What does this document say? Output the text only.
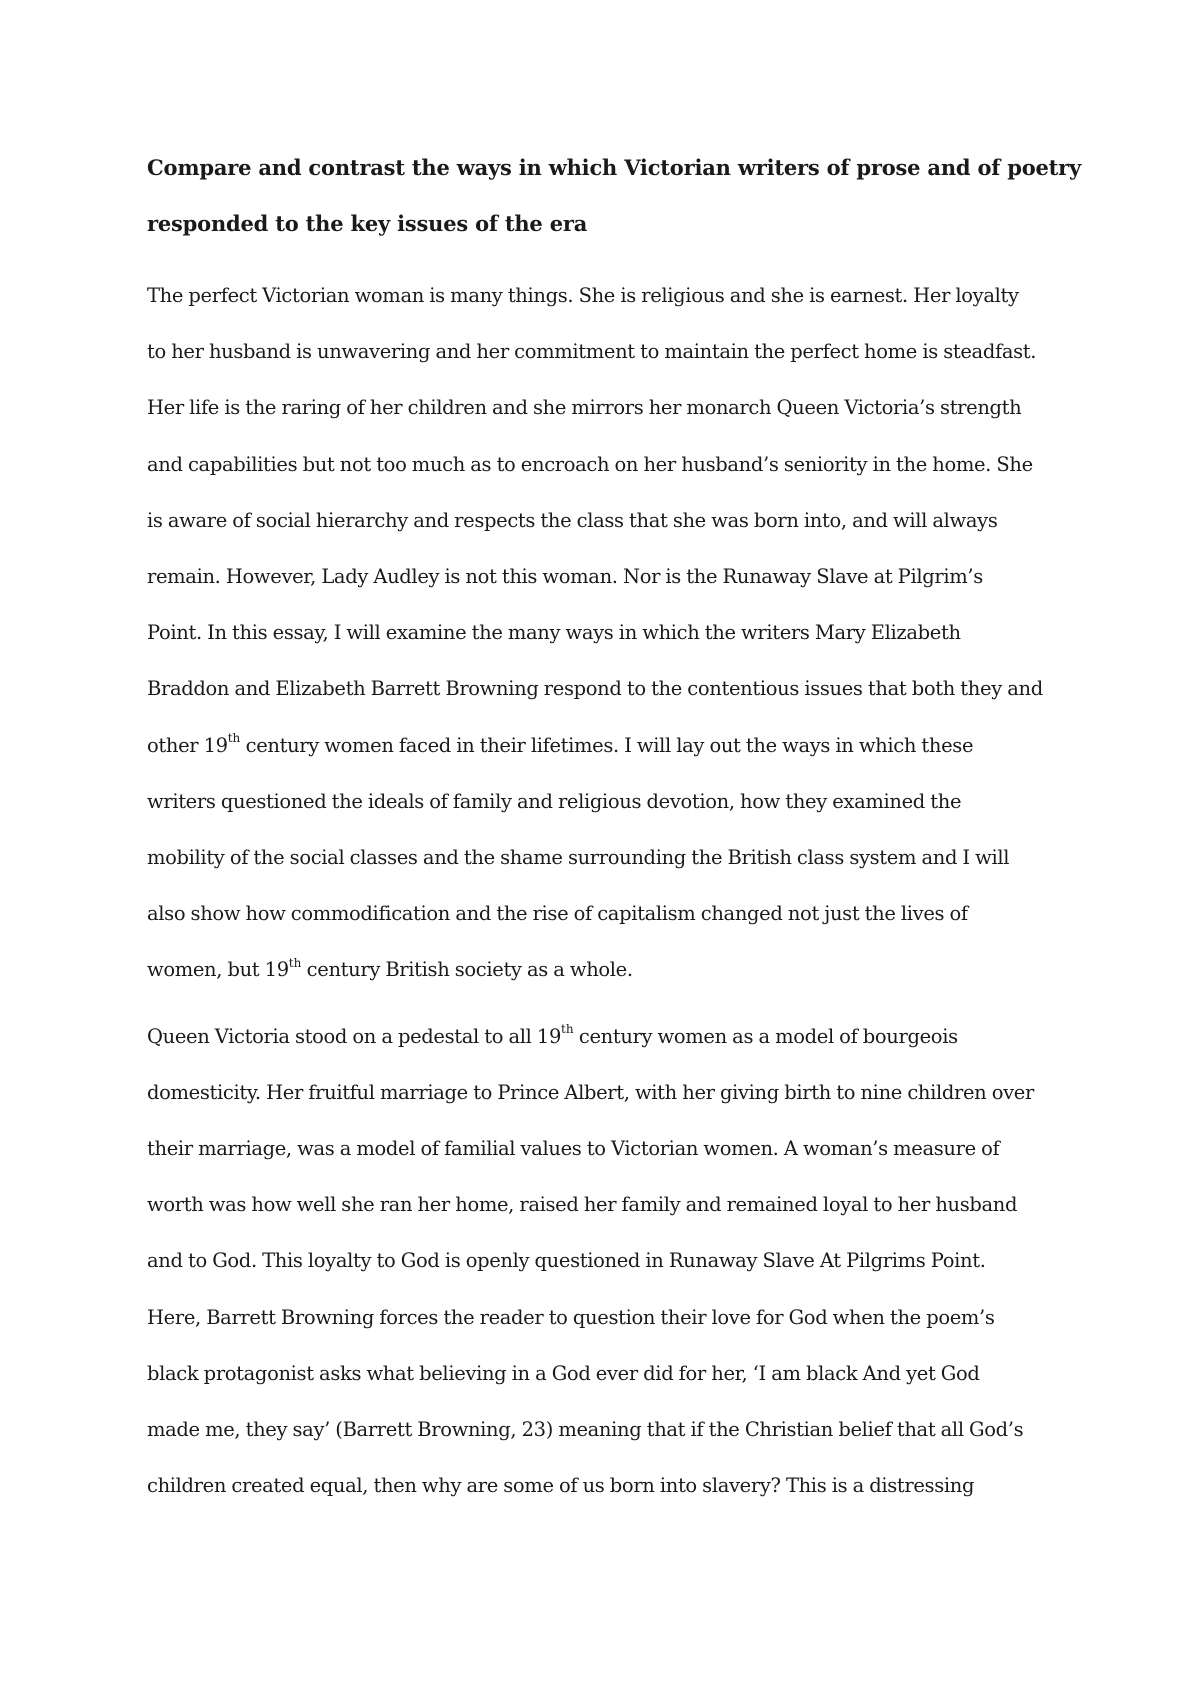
Compare and contrast the ways in which Victorian writers of prose and of poetry
responded to the key issues of the era

The perfect Victorian woman is many things. She is religious and she is earnest. Her loyalty
to her husband is unwavering and her commitment to maintain the perfect home is steadfast.
Her life is the raring of her children and she mirrors her monarch Queen Victoria’s strength
and capabilities but not too much as to encroach on her husband’s seniority in the home. She
is aware of social hierarchy and respects the class that she was born into, and will always
remain. However, Lady Audley is not this woman. Nor is the Runaway Slave at Pilgrim’s
Point. In this essay, I will examine the many ways in which the writers Mary Elizabeth
Braddon and Elizabeth Barrett Browning respond to the contentious issues that both they and
other 19th century women faced in their lifetimes. I will lay out the ways in which these
writers questioned the ideals of family and religious devotion, how they examined the
mobility of the social classes and the shame surrounding the British class system and I will
also show how commodification and the rise of capitalism changed not just the lives of
women, but 19th century British society as a whole.

Queen Victoria stood on a pedestal to all 19th century women as a model of bourgeois
domesticity. Her fruitful marriage to Prince Albert, with her giving birth to nine children over
their marriage, was a model of familial values to Victorian women. A woman’s measure of
worth was how well she ran her home, raised her family and remained loyal to her husband
and to God. This loyalty to God is openly questioned in Runaway Slave At Pilgrims Point.
Here, Barrett Browning forces the reader to question their love for God when the poem’s
black protagonist asks what believing in a God ever did for her, ‘I am black And yet God
made me, they say’ (Barrett Browning, 23) meaning that if the Christian belief that all God’s
children created equal, then why are some of us born into slavery? This is a distressing
